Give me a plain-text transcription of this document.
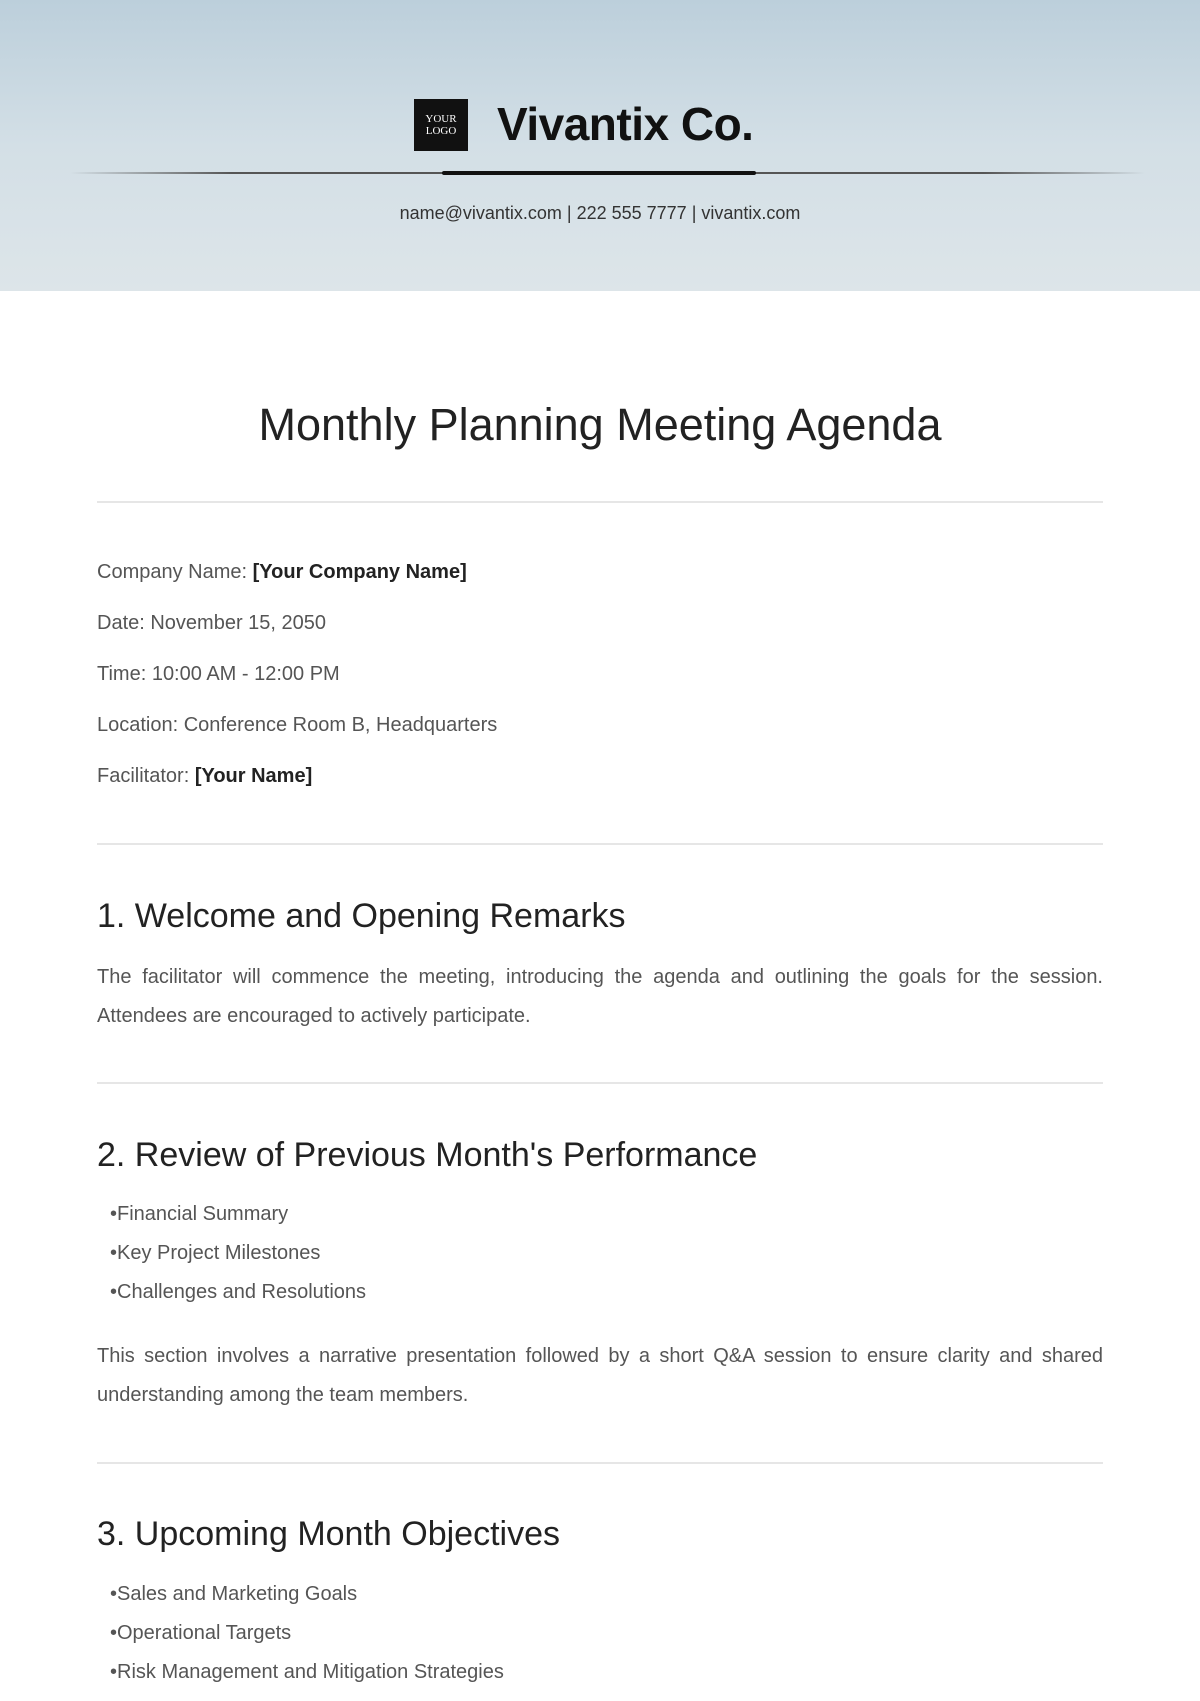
YOUR
LOGO Vivantix Co.
name@vivantix.com | 222 555 7777 | vivantix.com
Monthly Planning Meeting Agenda
Company Name: [Your Company Name]
Date: November 15, 2050
Time: 10:00 AM - 12:00 PM
Location: Conference Room B, Headquarters
Facilitator: [Your Name]
1. Welcome and Opening Remarks
The facilitator will commence the meeting, introducing the agenda and outlining the goals for the session. Attendees are encouraged to actively participate.
2. Review of Previous Month's Performance
•Financial Summary
•Key Project Milestones
•Challenges and Resolutions
This section involves a narrative presentation followed by a short Q&A session to ensure clarity and shared understanding among the team members.
3. Upcoming Month Objectives
•Sales and Marketing Goals
•Operational Targets
•Risk Management and Mitigation Strategies
